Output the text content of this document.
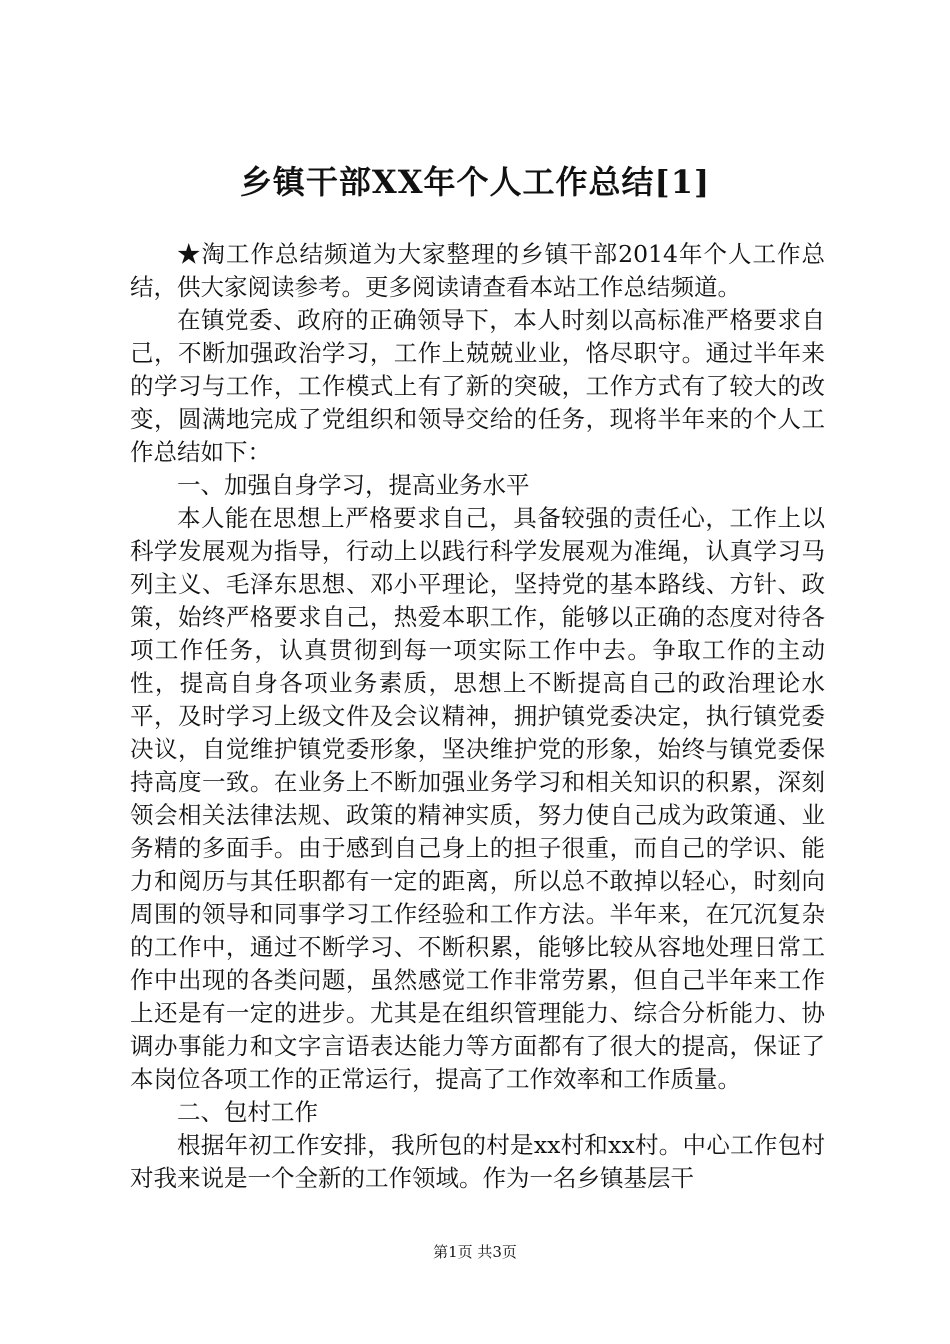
乡镇干部XX年个人工作总结[1]

★淘工作总结频道为大家整理的乡镇干部2014年个人工作总结，供大家阅读参考。更多阅读请查看本站工作总结频道。

在镇党委、政府的正确领导下，本人时刻以高标准严格要求自己，不断加强政治学习，工作上兢兢业业，恪尽职守。通过半年来的学习与工作，工作模式上有了新的突破，工作方式有了较大的改变，圆满地完成了党组织和领导交给的任务，现将半年来的个人工作总结如下：

一、加强自身学习，提高业务水平

本人能在思想上严格要求自己，具备较强的责任心，工作上以科学发展观为指导，行动上以践行科学发展观为准绳，认真学习马列主义、毛泽东思想、邓小平理论，坚持党的基本路线、方针、政策，始终严格要求自己，热爱本职工作，能够以正确的态度对待各项工作任务，认真贯彻到每一项实际工作中去。争取工作的主动性，提高自身各项业务素质，思想上不断提高自己的政治理论水平，及时学习上级文件及会议精神，拥护镇党委决定，执行镇党委决议，自觉维护镇党委形象，坚决维护党的形象，始终与镇党委保持高度一致。在业务上不断加强业务学习和相关知识的积累，深刻领会相关法律法规、政策的精神实质，努力使自己成为政策通、业务精的多面手。由于感到自己身上的担子很重，而自己的学识、能力和阅历与其任职都有一定的距离，所以总不敢掉以轻心，时刻向周围的领导和同事学习工作经验和工作方法。半年来，在冗沉复杂的工作中，通过不断学习、不断积累，能够比较从容地处理日常工作中出现的各类问题，虽然感觉工作非常劳累，但自己半年来工作上还是有一定的进步。尤其是在组织管理能力、综合分析能力、协调办事能力和文字言语表达能力等方面都有了很大的提高，保证了本岗位各项工作的正常运行，提高了工作效率和工作质量。

二、包村工作

根据年初工作安排，我所包的村是xx村和xx村。中心工作包村对我来说是一个全新的工作领域。作为一名乡镇基层干

第1页 共3页
